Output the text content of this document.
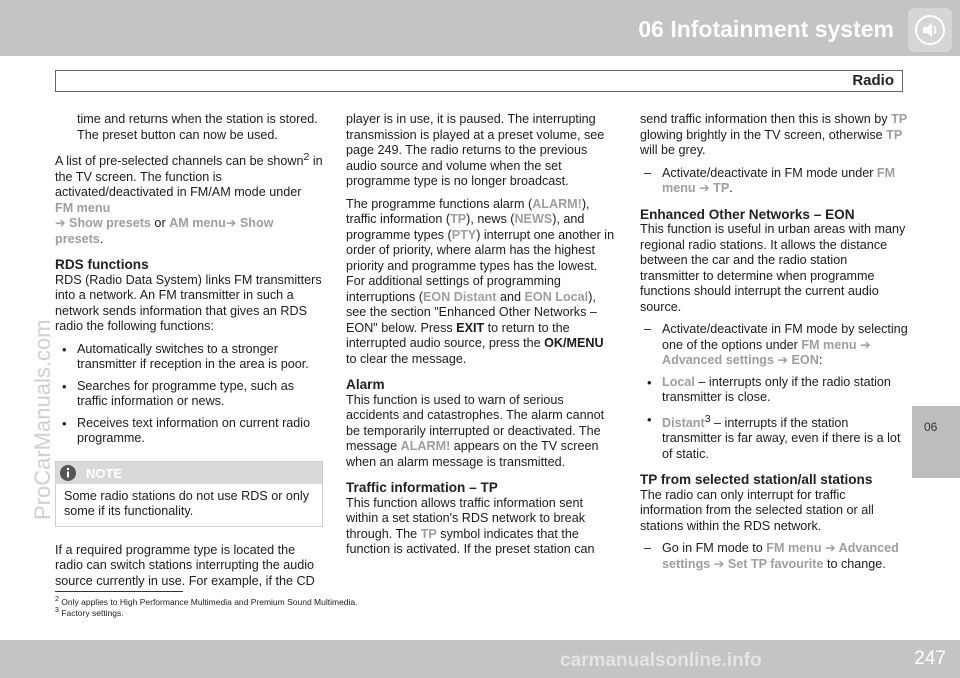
06 Infotainment system
Radio
ProCarManuals.com	06

time and returns when the station is stored. The preset button can now be used.

A list of pre-selected channels can be shown$^2$ in the TV screen. The function is activated/deactivated in FM/AM mode under FM menu
➔ Show presets or AM menu➔ Show presets.

RDS functions

RDS (Radio Data System) links FM transmitters into a network. An FM transmitter in such a network sends information that gives an RDS radio the following functions:

• Automatically switches to a stronger transmitter if reception in the area is poor.
• Searches for programme type, such as traffic information or news.
• Receives text information on current radio programme.
NOTE
Some radio stations do not use RDS or only some if its functionality.

If a required programme type is located the radio can switch stations interrupting the audio source currently in use. For example, if the CD

player is in use, it is paused. The interrupting transmission is played at a preset volume, see page 249. The radio returns to the previous audio source and volume when the set programme type is no longer broadcast.

The programme functions alarm (ALARM!), traffic information (TP), news (NEWS), and programme types (PTY) interrupt one another in order of priority, where alarm has the highest priority and programme types has the lowest. For additional settings of programming interruptions (EON Distant and EON Local), see the section "Enhanced Other Networks – EON" below. Press EXIT to return to the interrupted audio source, press the OK/MENU to clear the message.

Alarm

This function is used to warn of serious accidents and catastrophes. The alarm cannot be temporarily interrupted or deactivated. The message ALARM! appears on the TV screen when an alarm message is transmitted.

Traffic information – TP

This function allows traffic information sent within a set station's RDS network to break through. The TP symbol indicates that the function is activated. If the preset station can

send traffic information then this is shown by TP glowing brightly in the TV screen, otherwise TP will be grey.

– Activate/deactivate in FM mode under FM menu ➔ TP.
Enhanced Other Networks – EON

This function is useful in urban areas with many regional radio stations. It allows the distance between the car and the radio station transmitter to determine when programme functions should interrupt the current audio source.

– Activate/deactivate in FM mode by selecting one of the options under FM menu ➔ Advanced settings ➔ EON:
• Local – interrupts only if the radio station transmitter is close.
• Distant$^3$ – interrupts if the station transmitter is far away, even if there is a lot of static.
TP from selected station/all stations

The radio can only interrupt for traffic information from the selected station or all stations within the RDS network.

– Go in FM mode to FM menu ➔ Advanced settings ➔ Set TP favourite to change.
$^2$ Only applies to High Performance Multimedia and Premium Sound Multimedia.
$^3$ Factory settings.
247
carmanualsonline.info
